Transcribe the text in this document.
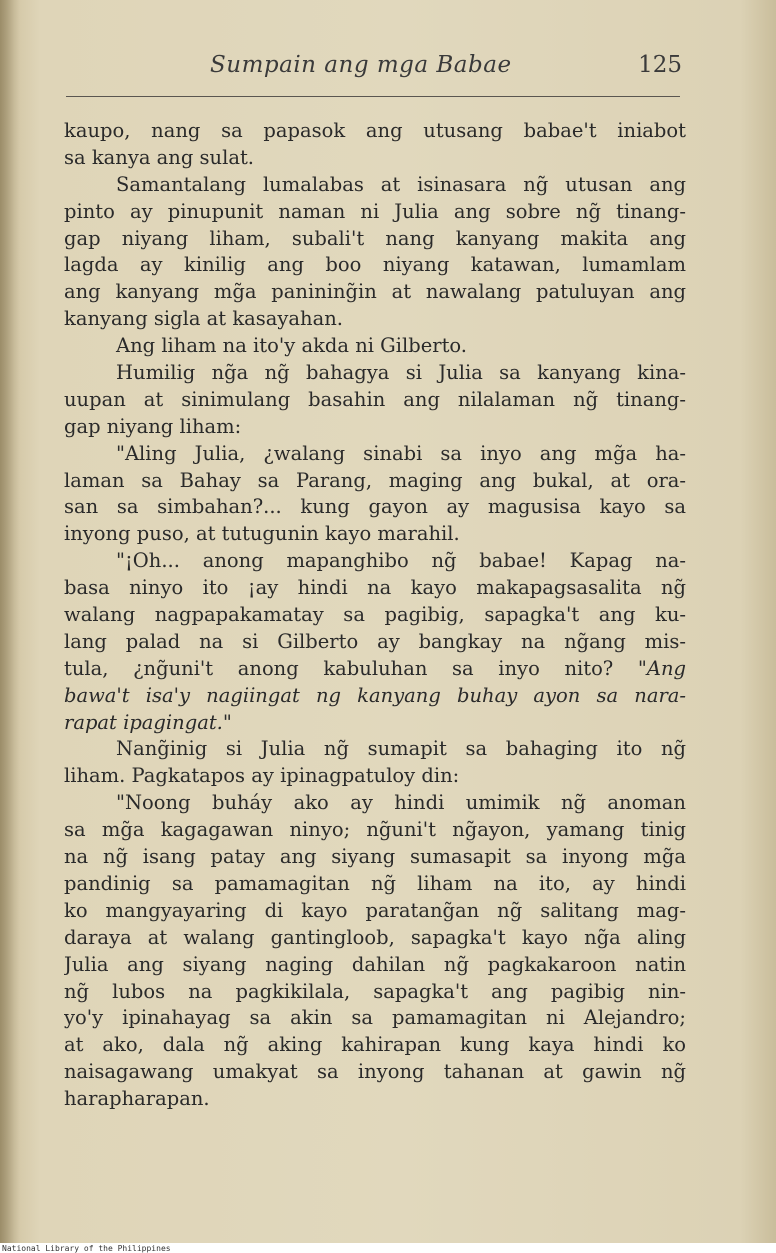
Sumpain ang mga Babae	125
kaupo, nang sa papasok ang utusang babae't iniabot
sa kanya ang sulat.
Samantalang lumalabas at isinasara ng̃ utusan ang
pinto ay pinupunit naman ni Julia ang sobre ng̃ tinang-
gap niyang liham, subali't nang kanyang makita ang
lagda ay kinilig ang boo niyang katawan, lumamlam
ang kanyang mg̃a panining̃in at nawalang patuluyan ang
kanyang sigla at kasayahan.
Ang liham na ito'y akda ni Gilberto.
Humilig ng̃a ng̃ bahagya si Julia sa kanyang kina-
uupan at sinimulang basahin ang nilalaman ng̃ tinang-
gap niyang liham:
"Aling Julia, ¿walang sinabi sa inyo ang mg̃a ha-
laman sa Bahay sa Parang, maging ang bukal, at ora-
san sa simbahan?... kung gayon ay magusisa kayo sa
inyong puso, at tutugunin kayo marahil.
"¡Oh... anong mapanghibo ng̃ babae! Kapag na-
basa ninyo ito ¡ay hindi na kayo makapagsasalita ng̃
walang nagpapakamatay sa pagibig, sapagka't ang ku-
lang palad na si Gilberto ay bangkay na ng̃ang mis-
tula, ¿ng̃uni't anong kabuluhan sa inyo nito? "Ang
bawa't isa'y nagiingat ng kanyang buhay ayon sa nara-
rapat ipagingat."
Nang̃inig si Julia ng̃ sumapit sa bahaging ito ng̃
liham. Pagkatapos ay ipinagpatuloy din:
"Noong buháy ako ay hindi umimik ng̃ anoman
sa mg̃a kagagawan ninyo; ng̃uni't ng̃ayon, yamang tinig
na ng̃ isang patay ang siyang sumasapit sa inyong mg̃a
pandinig sa pamamagitan ng̃ liham na ito, ay hindi
ko mangyayaring di kayo paratang̃an ng̃ salitang mag-
daraya at walang gantingloob, sapagka't kayo ng̃a aling
Julia ang siyang naging dahilan ng̃ pagkakaroon natin
ng̃ lubos na pagkikilala, sapagka't ang pagibig nin-
yo'y ipinahayag sa akin sa pamamagitan ni Alejandro;
at ako, dala ng̃ aking kahirapan kung kaya hindi ko
naisagawang umakyat sa inyong tahanan at gawin ng̃
harapharapan.
National Library of the Philippines
